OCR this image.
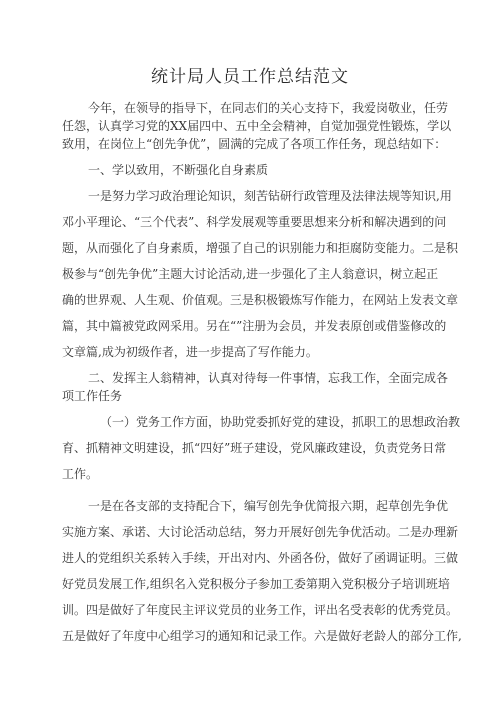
统计局人员工作总结范文
今年，在领导的指导下，在同志们的关心支持下，我爱岗敬业，任劳
任怨，认真学习党的XX届四中、五中全会精神，自觉加强党性锻炼，学以
致用，在岗位上“创先争优”，圆满的完成了各项工作任务，现总结如下：
一、学以致用，不断强化自身素质
一是努力学习政治理论知识，刻苦钻研行政管理及法律法规等知识,用
邓小平理论、“三个代表”、科学发展观等重要思想来分析和解决遇到的问
题，从而强化了自身素质，增强了自己的识别能力和拒腐防变能力。二是积
极参与“创先争优”主题大讨论活动,进一步强化了主人翁意识，树立起正
确的世界观、人生观、价值观。三是积极锻炼写作能力，在网站上发表文章
篇，其中篇被党政网采用。另在“”注册为会员，并发表原创或借鉴修改的
文章篇,成为初级作者，进一步提高了写作能力。
二、发挥主人翁精神，认真对待每一件事情，忘我工作，全面完成各
项工作任务
（一）党务工作方面，协助党委抓好党的建设，抓职工的思想政治教
育、抓精神文明建设，抓“四好”班子建设，党风廉政建设，负责党务日常
工作。
一是在各支部的支持配合下，编写创先争优简报六期，起草创先争优
实施方案、承诺、大讨论活动总结，努力开展好创先争优活动。二是办理新
进人的党组织关系转入手续，开出对内、外函各份，做好了函调证明。三做
好党员发展工作,组织名入党积极分子参加工委第期入党积极分子培训班培
训。四是做好了年度民主评议党员的业务工作，评出名受表彰的优秀党员。
五是做好了年度中心组学习的通知和记录工作。六是做好老龄人的部分工作,
